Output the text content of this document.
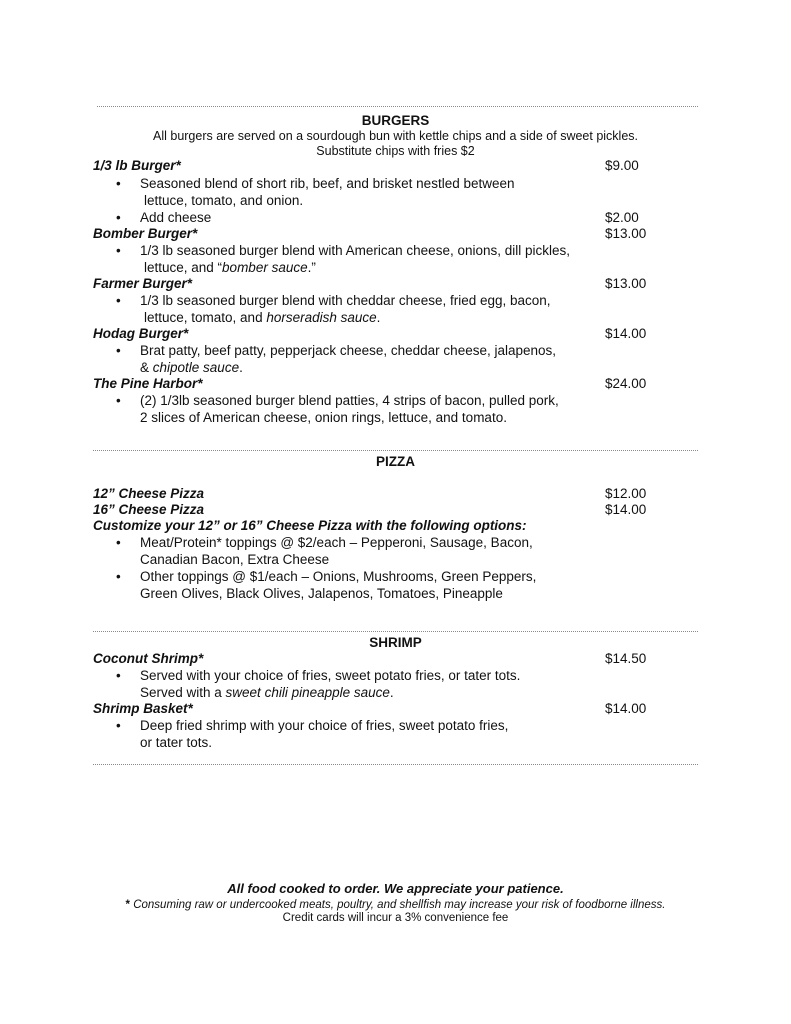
BURGERS
All burgers are served on a sourdough bun with kettle chips and a side of sweet pickles.
Substitute chips with fries $2
1/3 lb Burger*	$9.00
• Seasoned blend of short rib, beef, and brisket nestled between
lettuce, tomato, and onion.
• Add cheese	$2.00
Bomber Burger*	$13.00
• 1/3 lb seasoned burger blend with American cheese, onions, dill pickles,
lettuce, and “bomber sauce.”
Farmer Burger*	$13.00
• 1/3 lb seasoned burger blend with cheddar cheese, fried egg, bacon,
lettuce, tomato, and horseradish sauce.
Hodag Burger*	$14.00
• Brat patty, beef patty, pepperjack cheese, cheddar cheese, jalapenos,
& chipotle sauce.
The Pine Harbor*	$24.00
• (2) 1/3lb seasoned burger blend patties, 4 strips of bacon, pulled pork,
2 slices of American cheese, onion rings, lettuce, and tomato.
PIZZA
12” Cheese Pizza	$12.00
16” Cheese Pizza	$14.00
Customize your 12” or 16” Cheese Pizza with the following options:
• Meat/Protein* toppings @ $2/each – Pepperoni, Sausage, Bacon,
Canadian Bacon, Extra Cheese
• Other toppings @ $1/each – Onions, Mushrooms, Green Peppers,
Green Olives, Black Olives, Jalapenos, Tomatoes, Pineapple
SHRIMP
Coconut Shrimp*	$14.50
• Served with your choice of fries, sweet potato fries, or tater tots.
Served with a sweet chili pineapple sauce.
Shrimp Basket*	$14.00
• Deep fried shrimp with your choice of fries, sweet potato fries,
or tater tots.
All food cooked to order. We appreciate your patience.
* Consuming raw or undercooked meats, poultry, and shellfish may increase your risk of foodborne illness.
Credit cards will incur a 3% convenience fee
